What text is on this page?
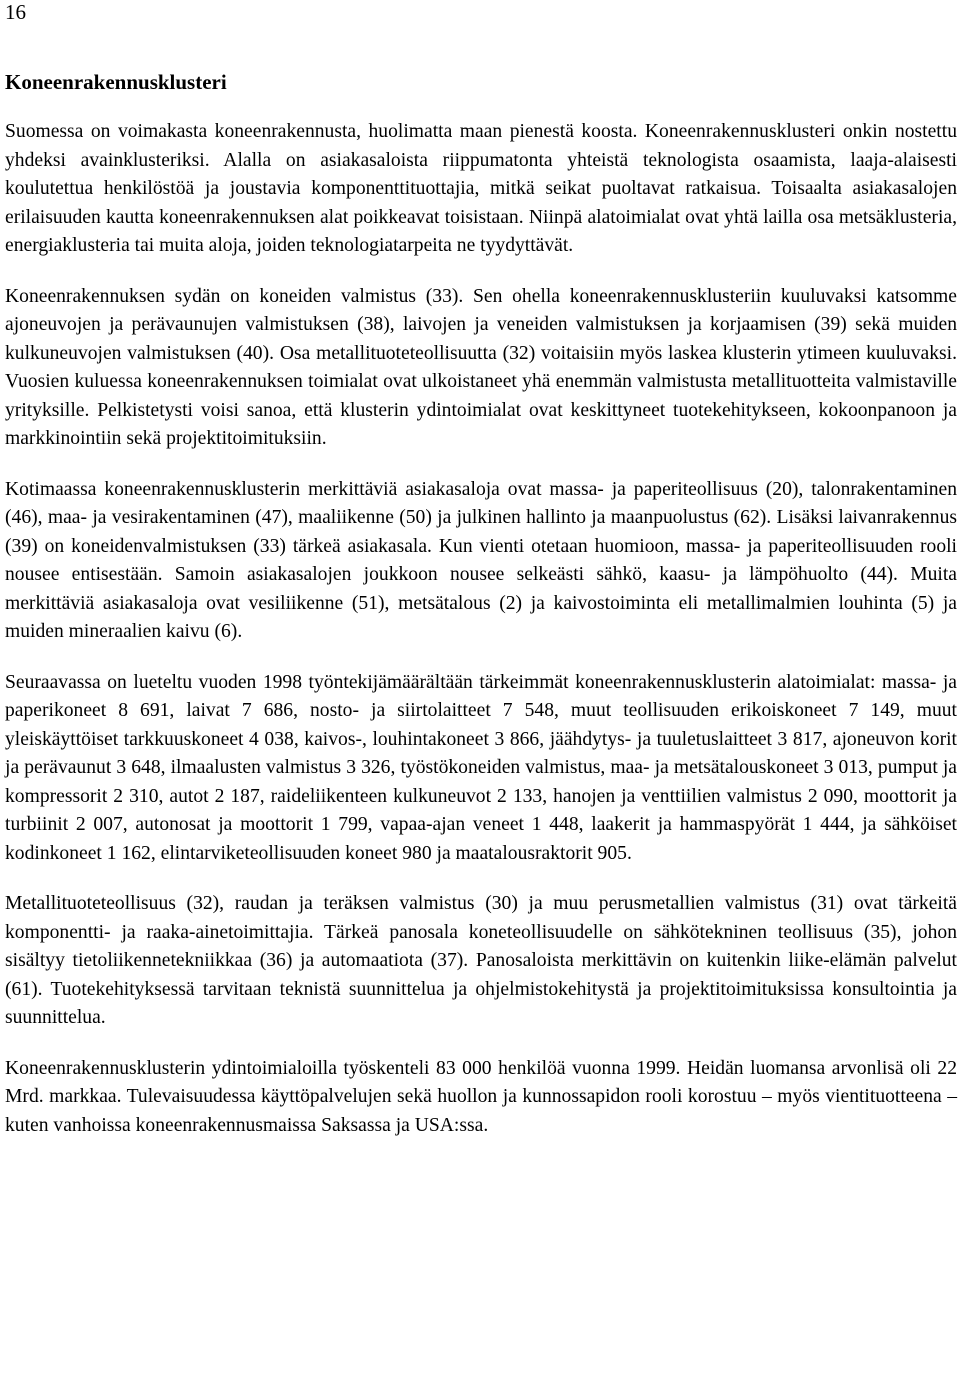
16
Koneenrakennusklusteri

Suomessa on voimakasta koneenrakennusta, huolimatta maan pienestä koosta. Koneenrakennusklusteri onkin nostettu yhdeksi avainklusteriksi. Alalla on asiakasaloista riippumatonta yhteistä teknologista osaamista, laaja-alaisesti koulutettua henkilöstöä ja joustavia komponenttituottajia, mitkä seikat puoltavat ratkaisua. Toisaalta asiakasalojen erilaisuuden kautta koneenrakennuksen alat poikkeavat toisistaan. Niinpä alatoimialat ovat yhtä lailla osa metsäklusteria, energiaklusteria tai muita aloja, joiden teknologiatarpeita ne tyydyttävät.

Koneenrakennuksen sydän on koneiden valmistus (33). Sen ohella koneenrakennusklusteriin kuuluvaksi katsomme ajoneuvojen ja perävaunujen valmistuksen (38), laivojen ja veneiden valmistuksen ja korjaamisen (39) sekä muiden kulkuneuvojen valmistuksen (40). Osa metallituoteteollisuutta (32) voitaisiin myös laskea klusterin ytimeen kuuluvaksi. Vuosien kuluessa koneenrakennuksen toimialat ovat ulkoistaneet yhä enemmän valmistusta metallituotteita valmistaville yrityksille. Pelkistetysti voisi sanoa, että klusterin ydintoimialat ovat keskittyneet tuotekehitykseen, kokoonpanoon ja markkinointiin sekä projektitoimituksiin.

Kotimaassa koneenrakennusklusterin merkittäviä asiakasaloja ovat massa- ja paperiteollisuus (20), talonrakentaminen (46), maa- ja vesirakentaminen (47), maaliikenne (50) ja julkinen hallinto ja maanpuolustus (62). Lisäksi laivanrakennus (39) on koneidenvalmistuksen (33) tärkeä asiakasala. Kun vienti otetaan huomioon, massa- ja paperiteollisuuden rooli nousee entisestään. Samoin asiakasalojen joukkoon nousee selkeästi sähkö, kaasu- ja lämpöhuolto (44). Muita merkittäviä asiakasaloja ovat vesiliikenne (51), metsätalous (2) ja kaivostoiminta eli metallimalmien louhinta (5) ja muiden mineraalien kaivu (6).

Seuraavassa on lueteltu vuoden 1998 työntekijämäärältään tärkeimmät koneenrakennusklusterin alatoimialat: massa- ja paperikoneet 8 691, laivat 7 686, nosto- ja siirtolaitteet 7 548, muut teollisuuden erikoiskoneet 7 149, muut yleiskäyttöiset tarkkuuskoneet 4 038, kaivos-, louhintakoneet 3 866, jäähdytys- ja tuuletuslaitteet 3 817, ajoneuvon korit ja perävaunut 3 648, ilmaalusten valmistus 3 326, työstökoneiden valmistus, maa- ja metsätalouskoneet 3 013, pumput ja kompressorit 2 310, autot 2 187, raideliikenteen kulkuneuvot 2 133, hanojen ja venttiilien valmistus 2 090, moottorit ja turbiinit 2 007, autonosat ja moottorit 1 799, vapaa-ajan veneet 1 448, laakerit ja hammaspyörät 1 444, ja sähköiset kodinkoneet 1 162, elintarviketeollisuuden koneet 980 ja maatalousraktorit 905.

Metallituoteteollisuus (32), raudan ja teräksen valmistus (30) ja muu perusmetallien valmistus (31) ovat tärkeitä komponentti- ja raaka-ainetoimittajia. Tärkeä panosala koneteollisuudelle on sähkötekninen teollisuus (35), johon sisältyy tietoliikennetekniikkaa (36) ja automaatiota (37). Panosaloista merkittävin on kuitenkin liike-elämän palvelut (61). Tuotekehityksessä tarvitaan teknistä suunnittelua ja ohjelmistokehitystä ja projektitoimituksissa konsultointia ja suunnittelua.

Koneenrakennusklusterin ydintoimialoilla työskenteli 83 000 henkilöä vuonna 1999. Heidän luomansa arvonlisä oli 22 Mrd. markkaa. Tulevaisuudessa käyttöpalvelujen sekä huollon ja kunnossapidon rooli korostuu – myös vientituotteena – kuten vanhoissa koneenrakennusmaissa Saksassa ja USA:ssa.
